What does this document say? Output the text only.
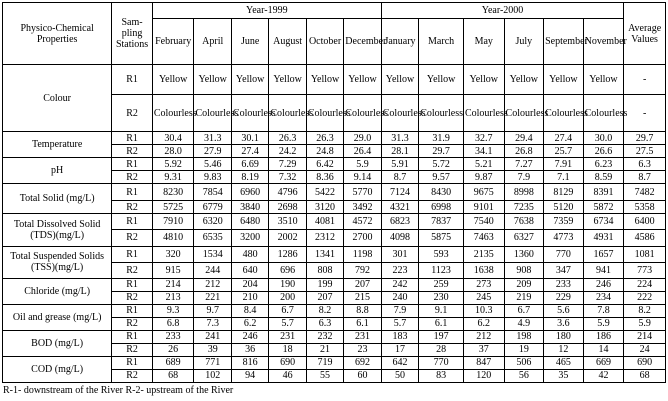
Physico-Chemical Properties	Sam-pling Stations	Year-1999						Year-2000						Average Values
		February	April	June	August	October	December	January	March	May	July	September	November	
Colour	R1	Yellow	Yellow	Yellow	Yellow	Yellow	Yellow	Yellow	Yellow	Yellow	Yellow	Yellow	Yellow	-
	R2	Colourless	Colourless	Colourless	Colourless	Colourless	Colourless	Colourless	Colourless	Colourless	Colourless	Colourless	Colourless	-
Temperature	R1	30.4	31.3	30.1	26.3	26.3	29.0	31.3	31.9	32.7	29.4	27.4	30.0	29.7
	R2	28.0	27.9	27.4	24.2	24.8	26.4	28.1	29.7	34.1	26.8	25.7	26.6	27.5
pH	R1	5.92	5.46	6.69	7.29	6.42	5.9	5.91	5.72	5.21	7.27	7.91	6.23	6.3
	R2	9.31	9.83	8.19	7.32	8.36	9.14	8.7	9.57	9.87	7.9	7.1	8.59	8.7
Total Solid (mg/L)	R1	8230	7854	6960	4796	5422	5770	7124	8430	9675	8998	8129	8391	7482
	R2	5725	6779	3840	2698	3120	3492	4321	6998	9101	7235	5120	5872	5358
Total Dissolved Solid (TDS)(mg/L)	R1	7910	6320	6480	3510	4081	4572	6823	7837	7540	7638	7359	6734	6400
	R2	4810	6535	3200	2002	2312	2700	4098	5875	7463	6327	4773	4931	4586
Total Suspended Solids (TSS)(mg/L)	R1	320	1534	480	1286	1341	1198	301	593	2135	1360	770	1657	1081
	R2	915	244	640	696	808	792	223	1123	1638	908	347	941	773
Chloride (mg/L)	R1	214	212	204	190	199	207	242	259	273	209	233	246	224
	R2	213	221	210	200	207	215	240	230	245	219	229	234	222
Oil and grease (mg/L)	R1	9.3	9.7	8.4	6.7	8.2	8.8	7.9	9.1	10.3	6.7	5.6	7.8	8.2
	R2	6.8	7.3	6.2	5.7	6.3	6.1	5.7	6.1	6.2	4.9	3.6	5.9	5.9
BOD (mg/L)	R1	233	241	246	231	232	231	183	197	212	198	180	186	214
	R2	26	39	36	18	21	23	17	28	37	19	12	14	24
COD (mg/L)	R1	689	771	816	690	719	692	642	770	847	506	465	669	690
	R2	68	102	94	46	55	60	50	83	120	56	35	42	68
R-1- downstream of the River R-2- upstream of the River
